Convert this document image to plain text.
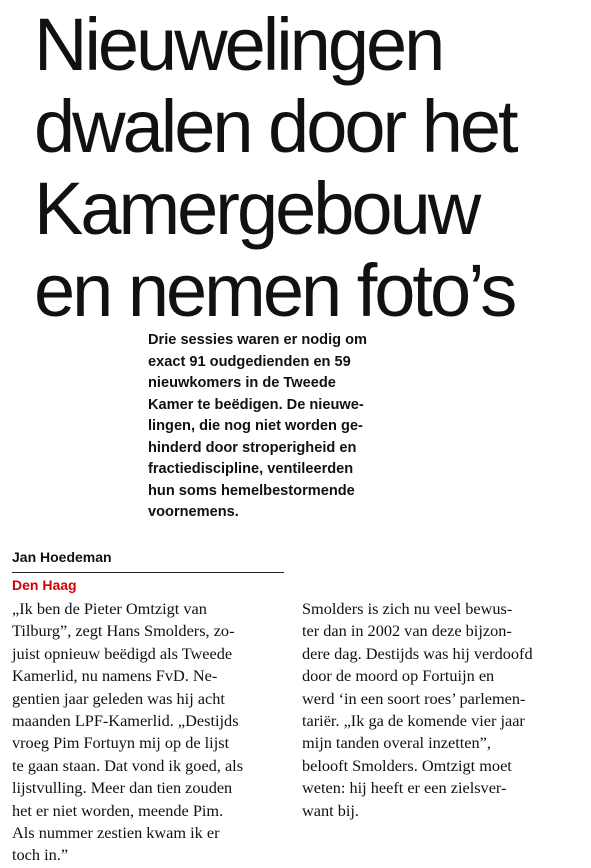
Nieuwelingen
dwalen door het
Kamergebouw
en nemen foto’s
Drie sessies waren er nodig om
exact 91 oudgedienden en 59
nieuwkomers in de Tweede
Kamer te beëdigen. De nieuwe-
lingen, die nog niet worden ge-
hinderd door stroperigheid en
fractiediscipline, ventileerden
hun soms hemelbestormende
voornemens.
Jan Hoedeman
Den Haag
„Ik ben de Pieter Omtzigt van
Tilburg”, zegt Hans Smolders, zo-
juist opnieuw beëdigd als Tweede
Kamerlid, nu namens FvD. Ne-
gentien jaar geleden was hij acht
maanden LPF-Kamerlid. „Destijds
vroeg Pim Fortuyn mij op de lijst
te gaan staan. Dat vond ik goed, als
lijstvulling. Meer dan tien zouden
het er niet worden, meende Pim.
Als nummer zestien kwam ik er
toch in.”
Smolders is zich nu veel bewus-
ter dan in 2002 van deze bijzon-
dere dag. Destijds was hij verdoofd
door de moord op Fortuijn en
werd ‘in een soort roes’ parlemen-
tariër. „Ik ga de komende vier jaar
mijn tanden overal inzetten”,
belooft Smolders. Omtzigt moet
weten: hij heeft er een zielsver-
want bij.
